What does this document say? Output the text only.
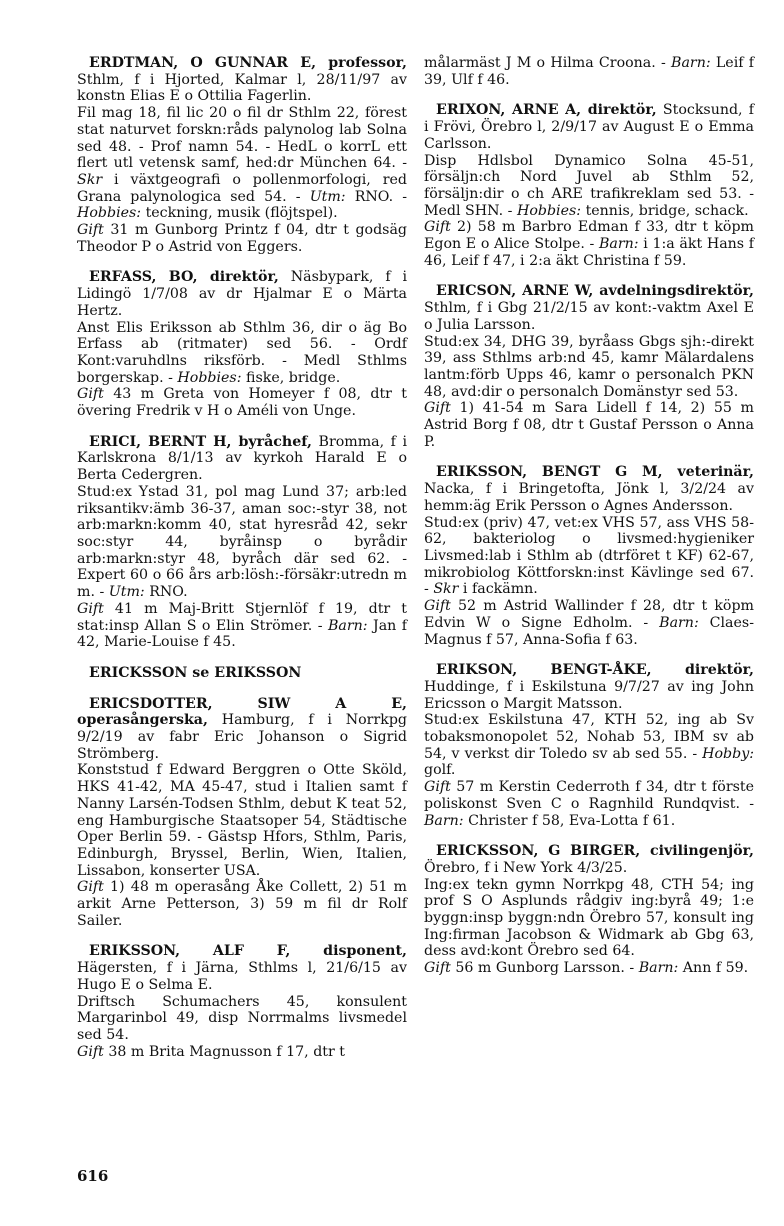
ERDTMAN, O GUNNAR E, professor, Sthlm, f i Hjorted, Kalmar l, 28/11/97 av konstn Elias E o Ottilia Fagerlin.

Fil mag 18, fil lic 20 o fil dr Sthlm 22, förest stat naturvet forskn:råds palynolog lab Solna sed 48. - Prof namn 54. - HedL o korrL ett flert utl vetensk samf, hed:dr München 64. - Skr i växtgeografi o pollenmorfologi, red Grana palynologica sed 54. - Utm: RNO. - Hobbies: teckning, musik (flöjtspel).

Gift 31 m Gunborg Printz f 04, dtr t godsäg Theodor P o Astrid von Eggers.

ERFASS, BO, direktör, Näsbypark, f i Lidingö 1/7/08 av dr Hjalmar E o Märta Hertz.

Anst Elis Eriksson ab Sthlm 36, dir o äg Bo Erfass ab (ritmater) sed 56. - Ordf Kont:varuhdlns riksförb. - Medl Sthlms borgerskap. - Hobbies: fiske, bridge.

Gift 43 m Greta von Homeyer f 08, dtr t övering Fredrik v H o Améli von Unge.

ERICI, BERNT H, byråchef, Bromma, f i Karlskrona 8/1/13 av kyrkoh Harald E o Berta Cedergren.

Stud:ex Ystad 31, pol mag Lund 37; arb:led riksantikv:ämb 36-37, aman soc:-styr 38, not arb:markn:komm 40, stat hyresråd 42, sekr soc:styr 44, byråinsp o byrådir arb:markn:styr 48, byråch där sed 62. - Expert 60 o 66 års arb:lösh:-försäkr:utredn m m. - Utm: RNO.

Gift 41 m Maj-Britt Stjernlöf f 19, dtr t stat:insp Allan S o Elin Strömer. - Barn: Jan f 42, Marie-Louise f 45.

ERICKSSON se ERIKSSON

ERICSDOTTER, SIW A E, operasångerska, Hamburg, f i Norrkpg 9/2/19 av fabr Eric Johanson o Sigrid Strömberg.

Konststud f Edward Berggren o Otte Sköld, HKS 41-42, MA 45-47, stud i Italien samt f Nanny Larsén-Todsen Sthlm, debut K teat 52, eng Hamburgische Staatsoper 54, Städtische Oper Berlin 59. - Gästsp Hfors, Sthlm, Paris, Edinburgh, Bryssel, Berlin, Wien, Italien, Lissabon, konserter USA.

Gift 1) 48 m operasång Åke Collett, 2) 51 m arkit Arne Petterson, 3) 59 m fil dr Rolf Sailer.

ERIKSSON, ALF F, disponent, Hägersten, f i Järna, Sthlms l, 21/6/15 av Hugo E o Selma E.

Driftsch Schumachers 45, konsulent Margarinbol 49, disp Norrmalms livsmedel sed 54.

Gift 38 m Brita Magnusson f 17, dtr t

målarmäst J M o Hilma Croona. - Barn: Leif f 39, Ulf f 46.

ERIXON, ARNE A, direktör, Stocksund, f i Frövi, Örebro l, 2/9/17 av August E o Emma Carlsson.

Disp Hdlsbol Dynamico Solna 45-51, försäljn:ch Nord Juvel ab Sthlm 52, försäljn:dir o ch ARE trafikreklam sed 53. - Medl SHN. - Hobbies: tennis, bridge, schack.

Gift 2) 58 m Barbro Edman f 33, dtr t köpm Egon E o Alice Stolpe. - Barn: i 1:a äkt Hans f 46, Leif f 47, i 2:a äkt Christina f 59.

ERICSON, ARNE W, avdelningsdirektör, Sthlm, f i Gbg 21/2/15 av kont:-vaktm Axel E o Julia Larsson.

Stud:ex 34, DHG 39, byråass Gbgs sjh:-direkt 39, ass Sthlms arb:nd 45, kamr Mälardalens lantm:förb Upps 46, kamr o personalch PKN 48, avd:dir o personalch Domänstyr sed 53.

Gift 1) 41-54 m Sara Lidell f 14, 2) 55 m Astrid Borg f 08, dtr t Gustaf Persson o Anna P.

ERIKSSON, BENGT G M, veterinär, Nacka, f i Bringetofta, Jönk l, 3/2/24 av hemm:äg Erik Persson o Agnes Andersson.

Stud:ex (priv) 47, vet:ex VHS 57, ass VHS 58-62, bakteriolog o livsmed:hygieniker Livsmed:lab i Sthlm ab (dtrföret t KF) 62-67, mikrobiolog Köttforskn:inst Kävlinge sed 67. - Skr i fackämn.

Gift 52 m Astrid Wallinder f 28, dtr t köpm Edvin W o Signe Edholm. - Barn: Claes-Magnus f 57, Anna-Sofia f 63.

ERIKSON, BENGT-ÅKE, direktör, Huddinge, f i Eskilstuna 9/7/27 av ing John Ericsson o Margit Matsson.

Stud:ex Eskilstuna 47, KTH 52, ing ab Sv tobaksmonopolet 52, Nohab 53, IBM sv ab 54, v verkst dir Toledo sv ab sed 55. - Hobby: golf.

Gift 57 m Kerstin Cederroth f 34, dtr t förste poliskonst Sven C o Ragnhild Rundqvist. - Barn: Christer f 58, Eva-Lotta f 61.

ERICKSSON, G BIRGER, civilingenjör, Örebro, f i New York 4/3/25.

Ing:ex tekn gymn Norrkpg 48, CTH 54; ing prof S O Asplunds rådgiv ing:byrå 49; 1:e byggn:insp byggn:ndn Örebro 57, konsult ing Ing:firman Jacobson & Widmark ab Gbg 63, dess avd:kont Örebro sed 64.

Gift 56 m Gunborg Larsson. - Barn: Ann f 59.

616
